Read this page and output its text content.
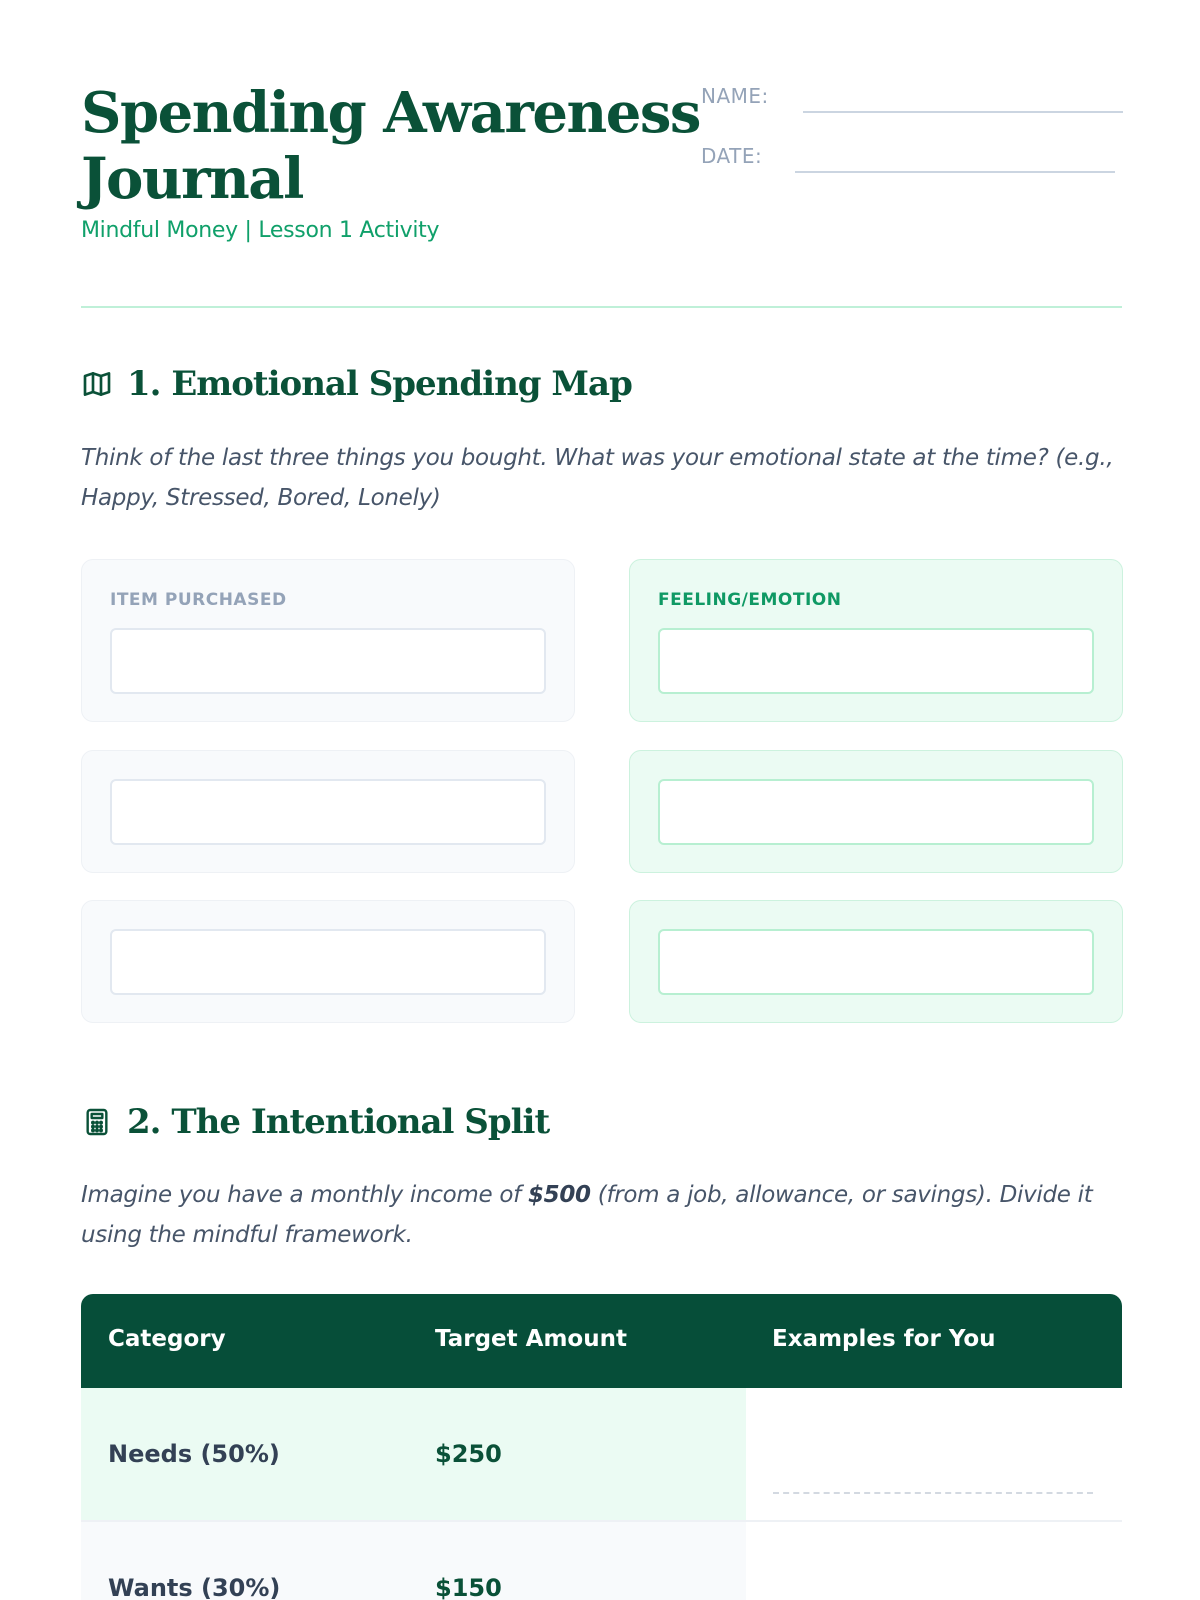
Spending Awareness Journal
Mindful Money | Lesson 1 Activity
NAME:
DATE:
1. Emotional Spending Map

Think of the last three things you bought. What was your emotional state at the time? (e.g., Happy, Stressed, Bored, Lonely)

ITEM PURCHASED	FEELING/EMOTION
2. The Intentional Split

Imagine you have a monthly income of $500 (from a job, allowance, or savings). Divide it using the mindful framework.

Category	Target Amount	Examples for You
Needs (50%)	$250
Wants (30%)	$150
